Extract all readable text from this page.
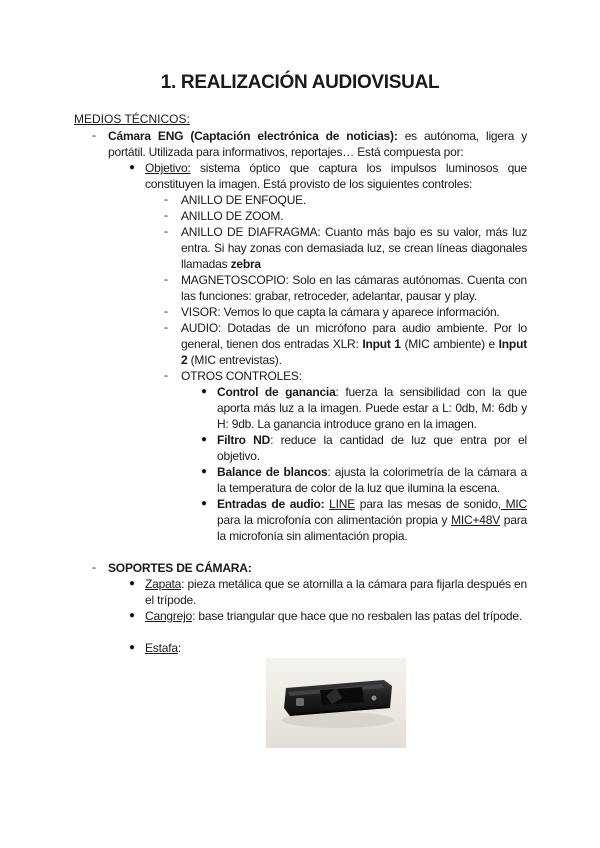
1. REALIZACIÓN AUDIOVISUAL
MEDIOS TÉCNICOS:
- Cámara ENG (Captación electrónica de noticias): es autónoma, ligera y portátil. Utilizada para informativos, reportajes… Está compuesta por:
● Objetivo: sistema óptico que captura los impulsos luminosos que constituyen la imagen. Está provisto de los siguientes controles:
- ANILLO DE ENFOQUE.
- ANILLO DE ZOOM.
- ANILLO DE DIAFRAGMA: Cuanto más bajo es su valor, más luz entra. Si hay zonas con demasiada luz, se crean líneas diagonales llamadas zebra
- MAGNETOSCOPIO: Solo en las cámaras autónomas. Cuenta con las funciones: grabar, retroceder, adelantar, pausar y play.
- VISOR: Vemos lo que capta la cámara y aparece información.
- AUDIO: Dotadas de un micrófono para audio ambiente. Por lo general, tienen dos entradas XLR: Input 1 (MIC ambiente) e Input 2 (MIC entrevistas).
- OTROS CONTROLES:
● Control de ganancia: fuerza la sensibilidad con la que aporta más luz a la imagen. Puede estar a L: 0db, M: 6db y H: 9db. La ganancia introduce grano en la imagen.
● Filtro ND: reduce la cantidad de luz que entra por el objetivo.
● Balance de blancos: ajusta la colorimetría de la cámara a la temperatura de color de la luz que ilumina la escena.
● Entradas de audio: LINE para las mesas de sonido, MIC para la microfonía con alimentación propia y MIC+48V para la microfonía sin alimentación propia.
- SOPORTES DE CÁMARA:
● Zapata: pieza metálica que se atornilla a la cámara para fijarla después en el trípode.
● Cangrejo: base triangular que hace que no resbalen las patas del trípode.
● Estafa:
